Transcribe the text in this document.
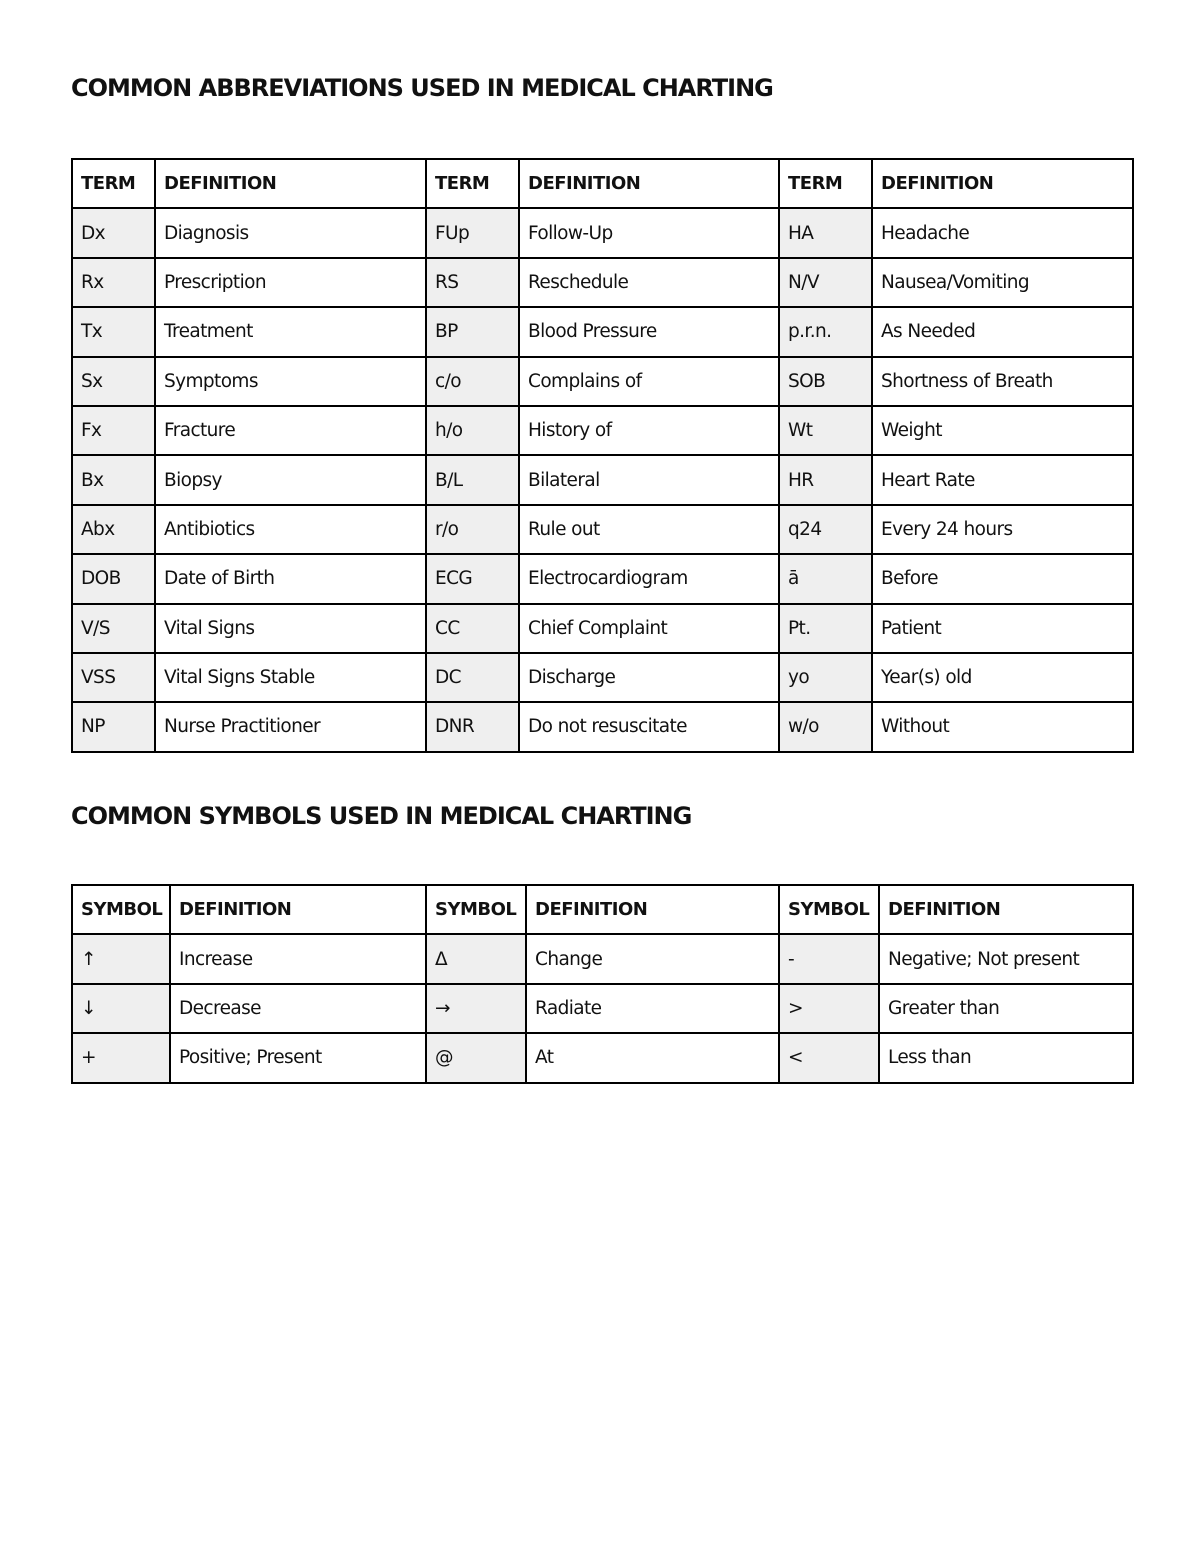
COMMON ABBREVIATIONS USED IN MEDICAL CHARTING
TERM	DEFINITION	TERM	DEFINITION	TERM	DEFINITION
Dx	Diagnosis	FUp	Follow-Up	HA	Headache
Rx	Prescription	RS	Reschedule	N/V	Nausea/Vomiting
Tx	Treatment	BP	Blood Pressure	p.r.n.	As Needed
Sx	Symptoms	c/o	Complains of	SOB	Shortness of Breath
Fx	Fracture	h/o	History of	Wt	Weight
Bx	Biopsy	B/L	Bilateral	HR	Heart Rate
Abx	Antibiotics	r/o	Rule out	q24	Every 24 hours
DOB	Date of Birth	ECG	Electrocardiogram	ā	Before
V/S	Vital Signs	CC	Chief Complaint	Pt.	Patient
VSS	Vital Signs Stable	DC	Discharge	yo	Year(s) old
NP	Nurse Practitioner	DNR	Do not resuscitate	w/o	Without
COMMON SYMBOLS USED IN MEDICAL CHARTING
SYMBOL	DEFINITION	SYMBOL	DEFINITION	SYMBOL	DEFINITION
↑	Increase	Δ	Change	-	Negative; Not present
↓	Decrease	→	Radiate	>	Greater than
+	Positive; Present	@	At	<	Less than
